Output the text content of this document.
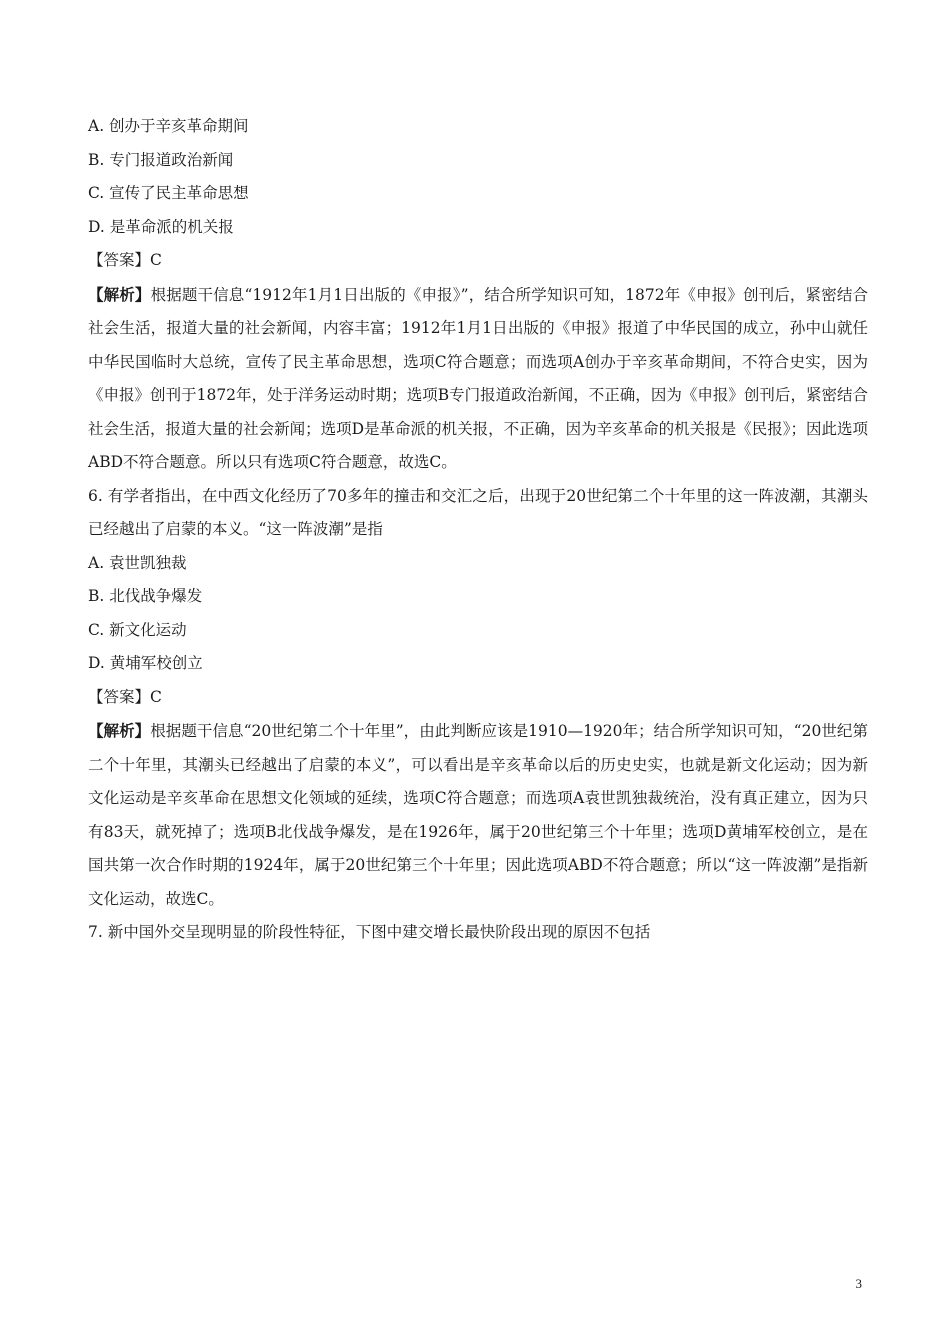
A. 创办于辛亥革命期间
B. 专门报道政治新闻
C. 宣传了民主革命思想
D. 是革命派的机关报
【答案】C
【解析】根据题干信息“1912年1月1日出版的《申报》”，结合所学知识可知，1872年《申报》创刊后，紧密结合社会生活，报道大量的社会新闻，内容丰富；1912年1月1日出版的《申报》报道了中华民国的成立，孙中山就任中华民国临时大总统，宣传了民主革命思想，选项C符合题意；而选项A创办于辛亥革命期间，不符合史实，因为《申报》创刊于1872年，处于洋务运动时期；选项B专门报道政治新闻，不正确，因为《申报》创刊后，紧密结合社会生活，报道大量的社会新闻；选项D是革命派的机关报，不正确，因为辛亥革命的机关报是《民报》；因此选项ABD不符合题意。所以只有选项C符合题意，故选C。
6. 有学者指出，在中西文化经历了70多年的撞击和交汇之后，出现于20世纪第二个十年里的这一阵波潮，其潮头已经越出了启蒙的本义。“这一阵波潮”是指
A. 袁世凯独裁
B. 北伐战争爆发
C. 新文化运动
D. 黄埔军校创立
【答案】C
【解析】根据题干信息“20世纪第二个十年里”，由此判断应该是1910—1920年；结合所学知识可知，“20世纪第二个十年里，其潮头已经越出了启蒙的本义”，可以看出是辛亥革命以后的历史史实，也就是新文化运动；因为新文化运动是辛亥革命在思想文化领域的延续，选项C符合题意；而选项A袁世凯独裁统治，没有真正建立，因为只有83天，就死掉了；选项B北伐战争爆发，是在1926年，属于20世纪第三个十年里；选项D黄埔军校创立，是在国共第一次合作时期的1924年，属于20世纪第三个十年里；因此选项ABD不符合题意；所以“这一阵波潮”是指新文化运动，故选C。
7. 新中国外交呈现明显的阶段性特征，下图中建交增长最快阶段出现的原因不包括
3
